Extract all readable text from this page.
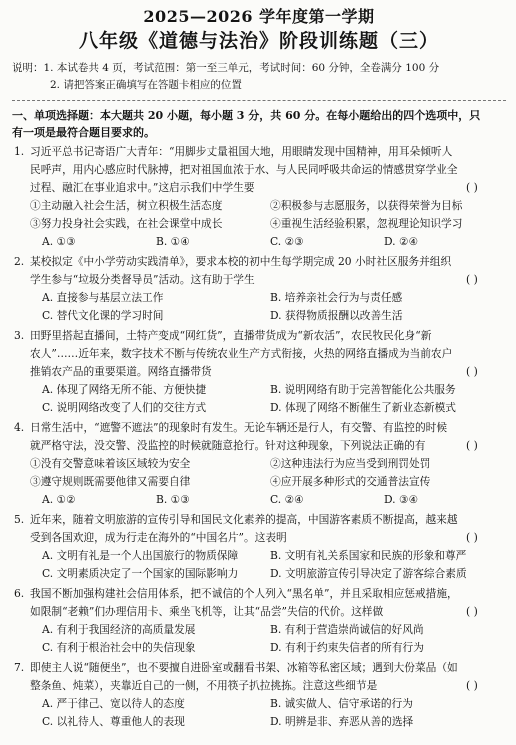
2025—2026 学年度第一学期
八年级《道德与法治》阶段训练题（三）
说明：1. 本试卷共 4 页，考试范围：第一至三单元，考试时间：60 分钟，全卷满分 100 分
2. 请把答案正确填写在答题卡相应的位置
一、单项选择题：本大题共 20 小题，每小题 3 分，共 60 分。在每小题给出的四个选项中，只
有一项是最符合题目要求的。
1. 习近平总书记寄语广大青年：“用脚步丈量祖国大地，用眼睛发现中国精神，用耳朵倾听人
民呼声，用内心感应时代脉搏，把对祖国血浓于水、与人民同呼吸共命运的情感贯穿学业全
( )
过程、融汇在事业追求中。”这启示我们中学生要
①主动融入社会生活，树立积极生活态度	②积极参与志愿服务，以获得荣誉为目标
③努力投身社会实践，在社会课堂中成长	④重视生活经验积累，忽视理论知识学习
A. ①③	B. ①④	C. ②③	D. ②④
2. 某校拟定《中小学劳动实践清单》，要求本校的初中生每学期完成 20 小时社区服务并组织
( )
学生参与“垃圾分类督导员”活动。这有助于学生
A. 直接参与基层立法工作	B. 培养亲社会行为与责任感
C. 替代文化课的学习时间	D. 获得物质报酬以改善生活
3. 田野里搭起直播间，土特产变成“网红货”，直播带货成为“新农活”，农民牧民化身“新
农人”……近年来，数字技术不断与传统农业生产方式衔接，火热的网络直播成为当前农户
( )
推销农产品的重要渠道。网络直播带货
A. 体现了网络无所不能、方便快捷	B. 说明网络有助于完善智能化公共服务
C. 说明网络改变了人们的交往方式	D. 体现了网络不断催生了新业态新模式
4. 日常生活中，“遮警不遮法”的现象时有发生。无论车辆还是行人，有交警、有监控的时候
( )
就严格守法，没交警、没监控的时候就随意抢行。针对这种现象，下列说法正确的有
①没有交警意味着该区域较为安全	②这种违法行为应当受到刑罚处罚
③遵守规则既需要他律又需要自律	④应开展多种形式的交通普法宣传
A. ①②	B. ①③	C. ②④	D. ③④
5. 近年来，随着文明旅游的宣传引导和国民文化素养的提高，中国游客素质不断提高，越来越
( )
受到各国欢迎，成为行走在海外的“中国名片”。这表明
A. 文明有礼是一个人出国旅行的物质保障	B. 文明有礼关系国家和民族的形象和尊严
C. 文明素质决定了一个国家的国际影响力	D. 文明旅游宣传引导决定了游客综合素质
6. 我国不断加强构建社会信用体系，把不诚信的个人列入“黑名单”，并且采取相应惩戒措施，
( )
如限制“老赖”们办理信用卡、乘坐飞机等，让其“品尝”失信的代价。这样做
A. 有利于我国经济的高质量发展	B. 有利于营造崇尚诚信的好风尚
C. 有利于根治社会中的失信现象	D. 有利于约束失信者的所有行为
7. 即使主人说“随便坐”，也不要擅自进卧室或翻看书架、冰箱等私密区域；遇到大份菜品（如
( )
整条鱼、炖菜），夹靠近自己的一侧，不用筷子扒拉挑拣。注意这些细节是
A. 严于律己、宽以待人的态度	B. 诚实做人、信守承诺的行为
C. 以礼待人、尊重他人的表现	D. 明辨是非、弃恶从善的选择
